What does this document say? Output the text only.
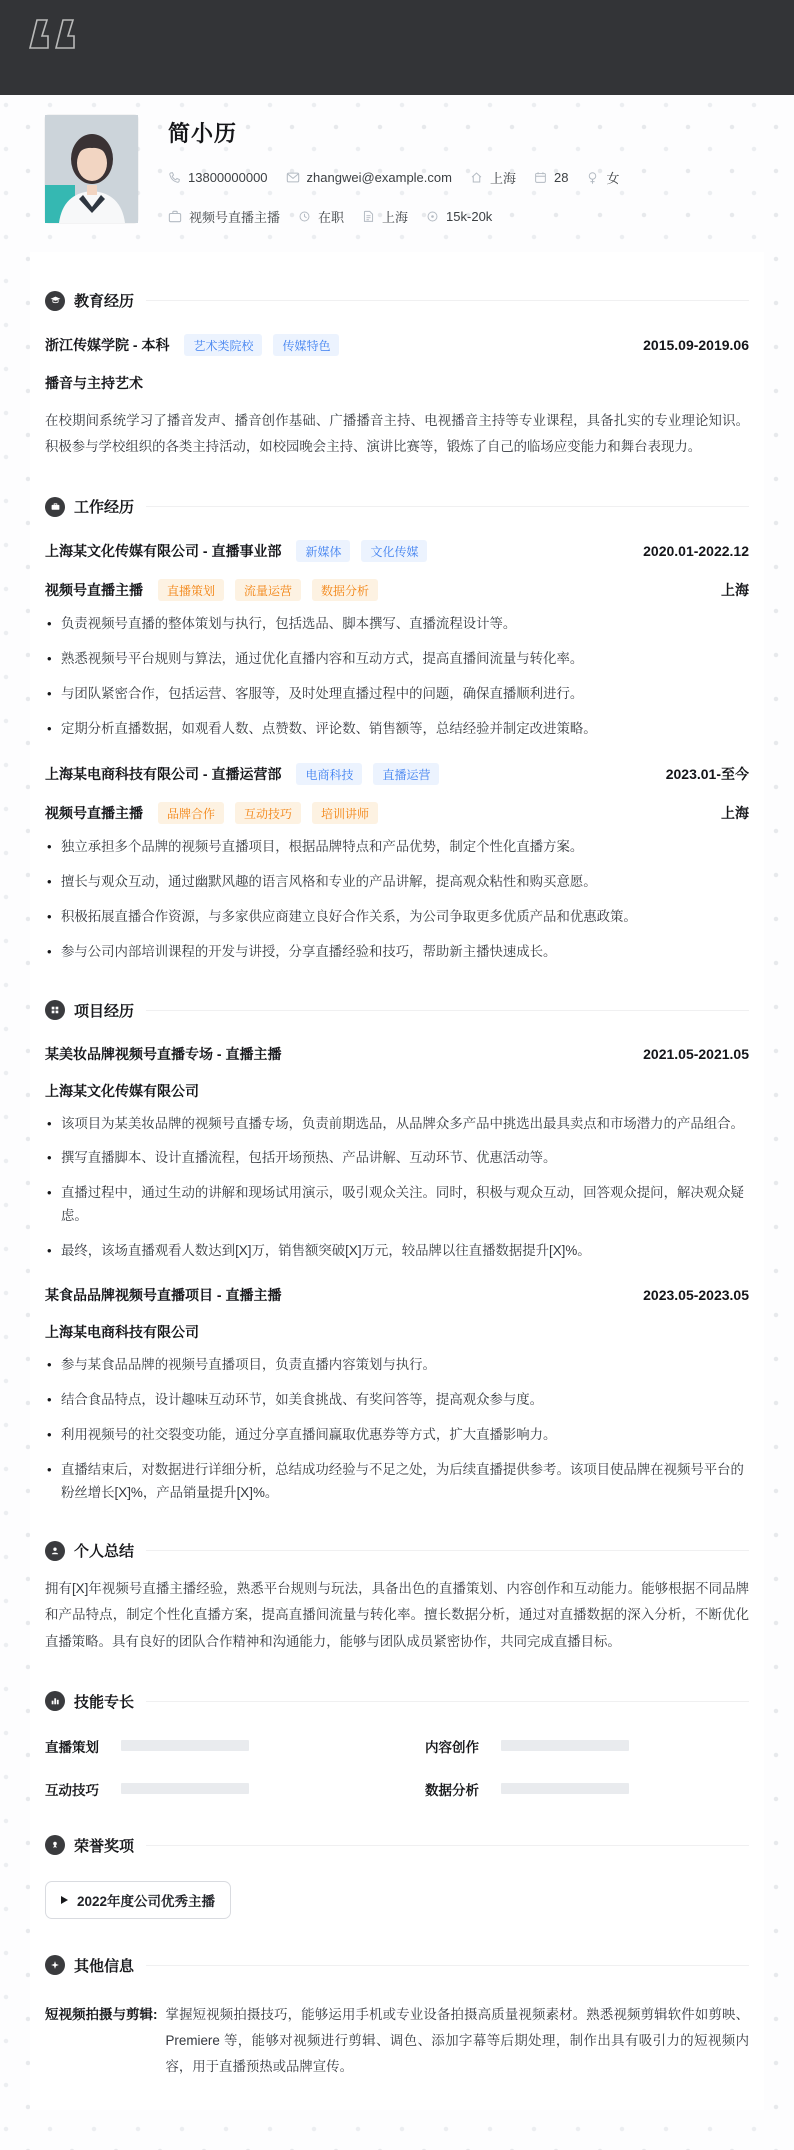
简小历
13800000000	zhangwei@example.com	上海	28	女
视频号直播主播	在职	上海	15k-20k
教育经历
浙江传媒学院 - 本科	艺术类院校	传媒特色	2015.09-2019.06
播音与主持艺术

在校期间系统学习了播音发声、播音创作基础、广播播音主持、电视播音主持等专业课程，具备扎实的专业理论知识。积极参与学校组织的各类主持活动，如校园晚会主持、演讲比赛等，锻炼了自己的临场应变能力和舞台表现力。

工作经历
上海某文化传媒有限公司 - 直播事业部	新媒体	文化传媒	2020.01-2022.12
视频号直播主播	直播策划	流量运营	数据分析	上海
• 负责视频号直播的整体策划与执行，包括选品、脚本撰写、直播流程设计等。
• 熟悉视频号平台规则与算法，通过优化直播内容和互动方式，提高直播间流量与转化率。
• 与团队紧密合作，包括运营、客服等，及时处理直播过程中的问题，确保直播顺利进行。
• 定期分析直播数据，如观看人数、点赞数、评论数、销售额等，总结经验并制定改进策略。
上海某电商科技有限公司 - 直播运营部	电商科技	直播运营	2023.01-至今
视频号直播主播	品牌合作	互动技巧	培训讲师	上海
• 独立承担多个品牌的视频号直播项目，根据品牌特点和产品优势，制定个性化直播方案。
• 擅长与观众互动，通过幽默风趣的语言风格和专业的产品讲解，提高观众粘性和购买意愿。
• 积极拓展直播合作资源，与多家供应商建立良好合作关系，为公司争取更多优质产品和优惠政策。
• 参与公司内部培训课程的开发与讲授，分享直播经验和技巧，帮助新主播快速成长。
项目经历
某美妆品牌视频号直播专场 - 直播主播	2021.05-2021.05
上海某文化传媒有限公司
• 该项目为某美妆品牌的视频号直播专场，负责前期选品，从品牌众多产品中挑选出最具卖点和市场潜力的产品组合。
• 撰写直播脚本、设计直播流程，包括开场预热、产品讲解、互动环节、优惠活动等。
• 直播过程中，通过生动的讲解和现场试用演示，吸引观众关注。同时，积极与观众互动，回答观众提问，解决观众疑虑。
• 最终，该场直播观看人数达到[X]万，销售额突破[X]万元，较品牌以往直播数据提升[X]%。
某食品品牌视频号直播项目 - 直播主播	2023.05-2023.05
上海某电商科技有限公司
• 参与某食品品牌的视频号直播项目，负责直播内容策划与执行。
• 结合食品特点，设计趣味互动环节，如美食挑战、有奖问答等，提高观众参与度。
• 利用视频号的社交裂变功能，通过分享直播间赢取优惠券等方式，扩大直播影响力。
• 直播结束后，对数据进行详细分析，总结成功经验与不足之处，为后续直播提供参考。该项目使品牌在视频号平台的粉丝增长[X]%，产品销量提升[X]%。
个人总结

拥有[X]年视频号直播主播经验，熟悉平台规则与玩法，具备出色的直播策划、内容创作和互动能力。能够根据不同品牌和产品特点，制定个性化直播方案，提高直播间流量与转化率。擅长数据分析，通过对直播数据的深入分析，不断优化直播策略。具有良好的团队合作精神和沟通能力，能够与团队成员紧密协作，共同完成直播目标。

技能专长
直播策划	内容创作
互动技巧	数据分析
荣誉奖项
2022年度公司优秀主播
其他信息
短视频拍摄与剪辑: 掌握短视频拍摄技巧，能够运用手机或专业设备拍摄高质量视频素材。熟悉视频剪辑软件如剪映、Premiere 等，能够对视频进行剪辑、调色、添加字幕等后期处理，制作出具有吸引力的短视频内容，用于直播预热或品牌宣传。
